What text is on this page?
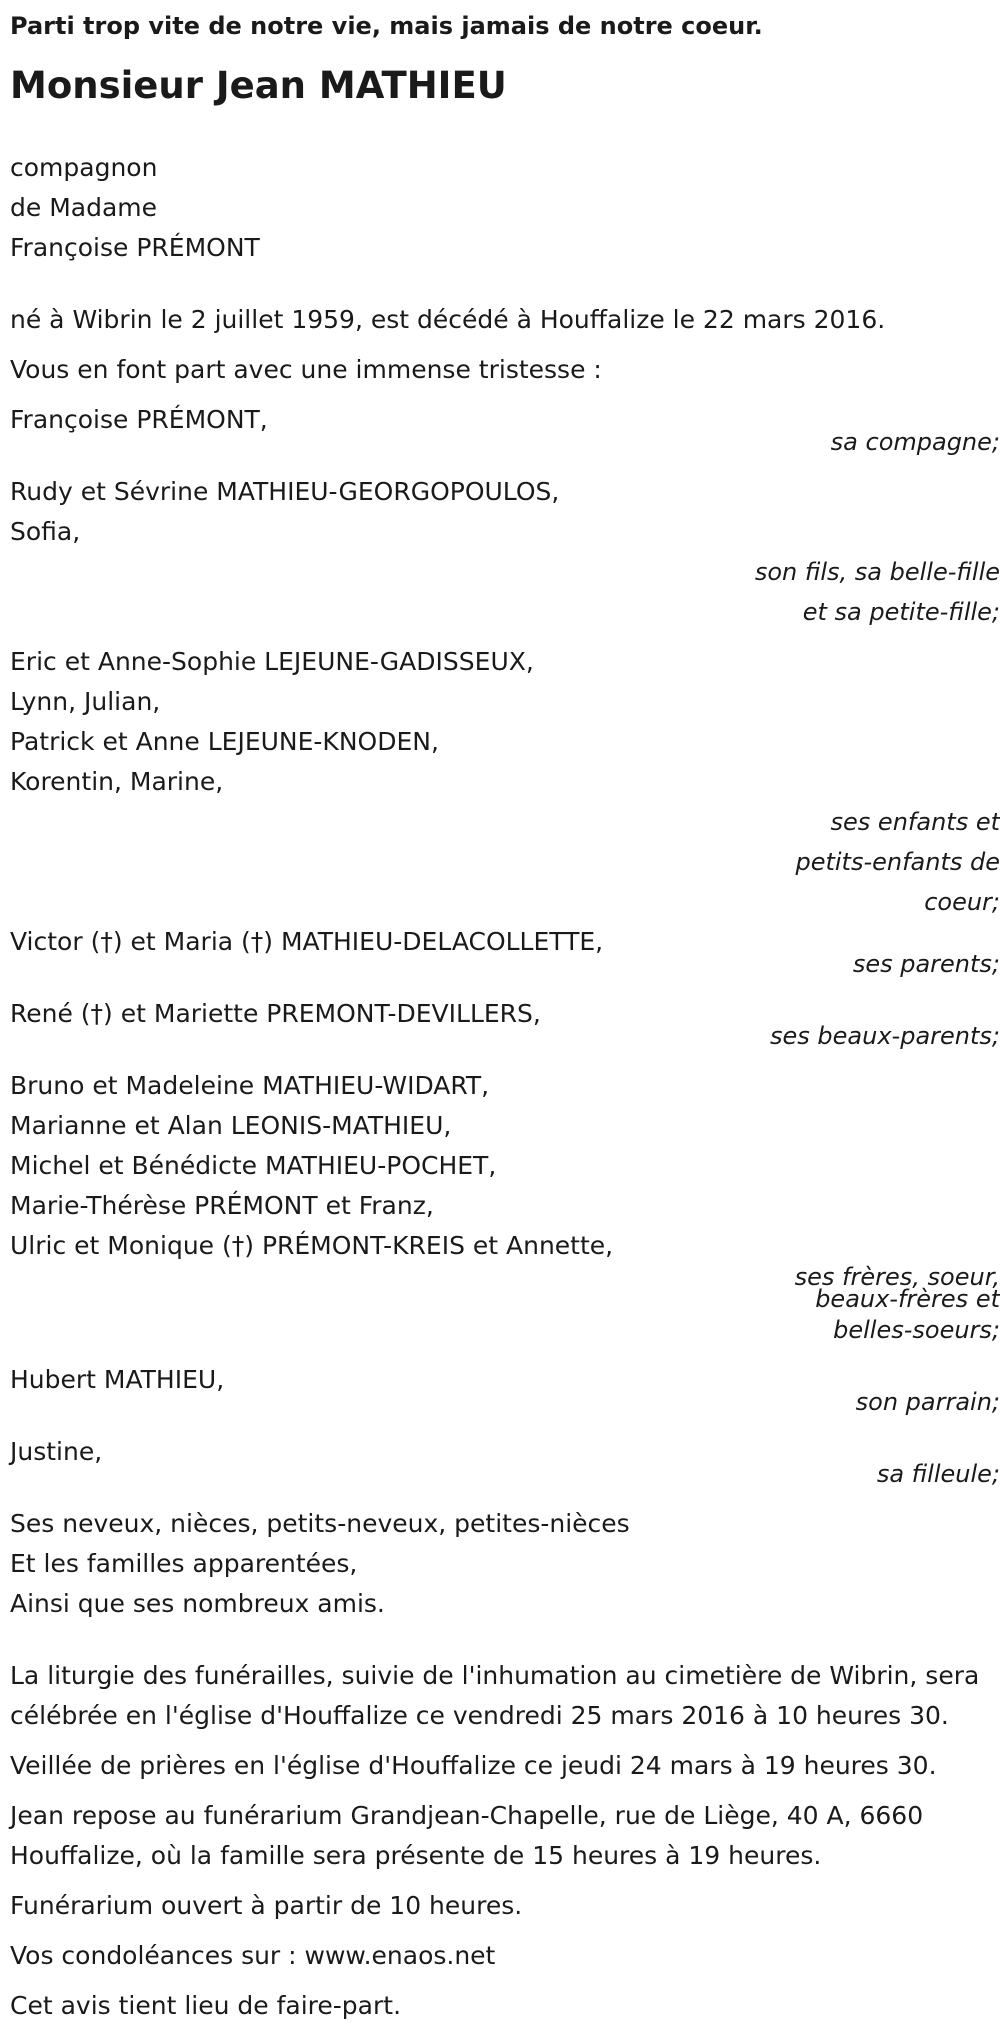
Parti trop vite de notre vie, mais jamais de notre coeur.
Monsieur Jean MATHIEU
compagnon
de Madame
Françoise PRÉMONT
né à Wibrin le 2 juillet 1959, est décédé à Houffalize le 22 mars 2016.
Vous en font part avec une immense tristesse :
Françoise PRÉMONT,
sa compagne;
Rudy et Sévrine MATHIEU-GEORGOPOULOS,
Sofia,
son fils, sa belle-fille
et sa petite-fille;
Eric et Anne-Sophie LEJEUNE-GADISSEUX,
Lynn, Julian,
Patrick et Anne LEJEUNE-KNODEN,
Korentin, Marine,
ses enfants et
petits-enfants de
coeur;
Victor (†) et Maria (†) MATHIEU-DELACOLLETTE,
ses parents;
René (†) et Mariette PREMONT-DEVILLERS,
ses beaux-parents;
Bruno et Madeleine MATHIEU-WIDART,
Marianne et Alan LEONIS-MATHIEU,
Michel et Bénédicte MATHIEU-POCHET,
Marie-Thérèse PRÉMONT et Franz,
Ulric et Monique (†) PRÉMONT-KREIS et Annette,
ses frères, soeur,
beaux-frères et
belles-soeurs;
Hubert MATHIEU,
son parrain;
Justine,
sa filleule;
Ses neveux, nièces, petits-neveux, petites-nièces
Et les familles apparentées,
Ainsi que ses nombreux amis.
La liturgie des funérailles, suivie de l'inhumation au cimetière de Wibrin, sera célébrée en l'église d'Houffalize ce vendredi 25 mars 2016 à 10 heures 30.
Veillée de prières en l'église d'Houffalize ce jeudi 24 mars à 19 heures 30.
Jean repose au funérarium Grandjean-Chapelle, rue de Liège, 40 A, 6660 Houffalize, où la famille sera présente de 15 heures à 19 heures.
Funérarium ouvert à partir de 10 heures.
Vos condoléances sur : www.enaos.net
Cet avis tient lieu de faire-part.
